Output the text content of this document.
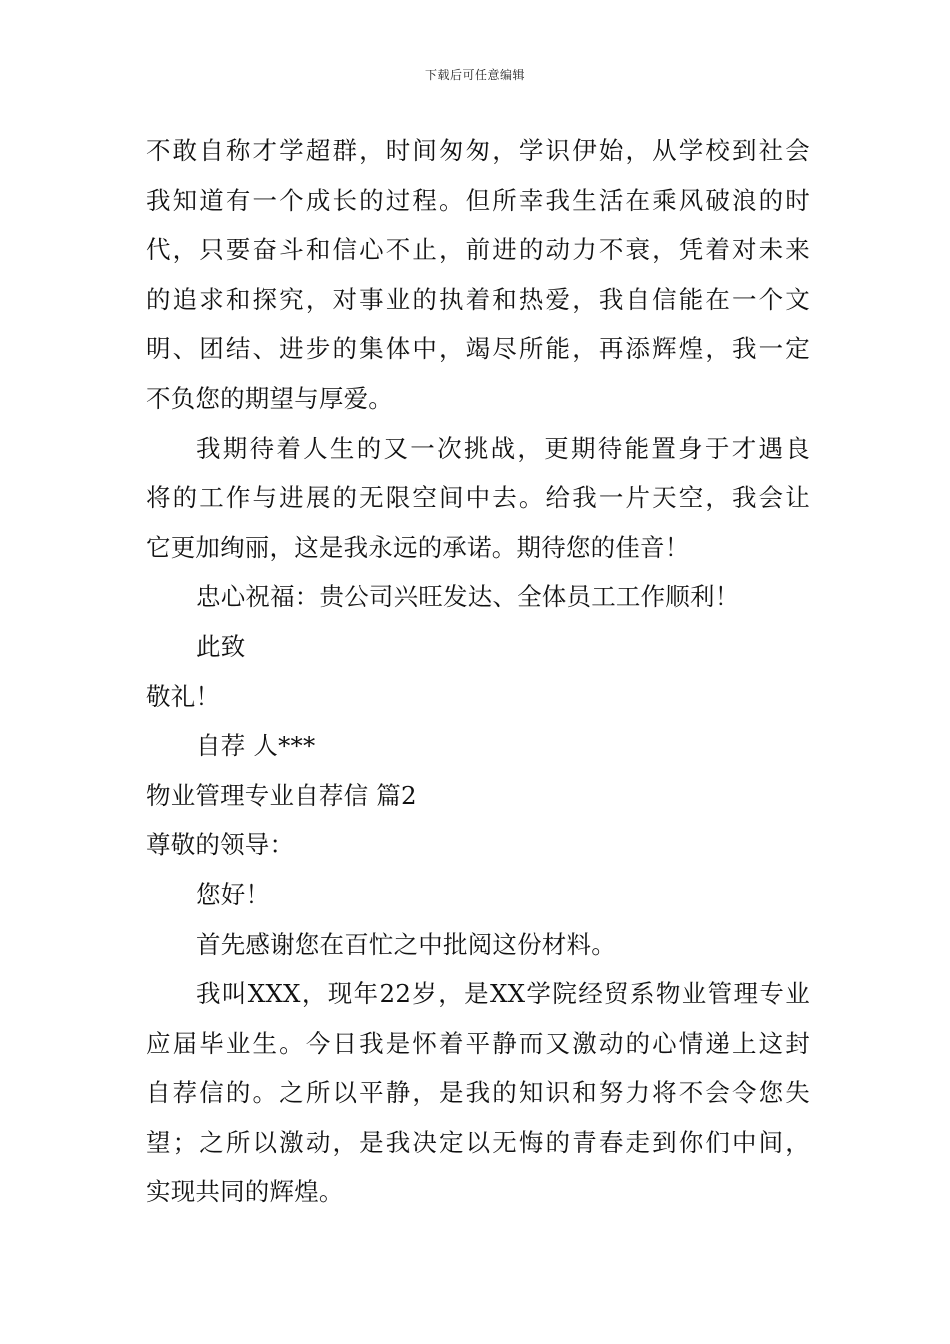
下载后可任意编辑
不敢自称才学超群，时间匆匆，学识伊始，从学校到社会
我知道有一个成长的过程。但所幸我生活在乘风破浪的时
代，只要奋斗和信心不止，前进的动力不衰，凭着对未来
的追求和探究，对事业的执着和热爱，我自信能在一个文
明、团结、进步的集体中，竭尽所能，再添辉煌，我一定
不负您的期望与厚爱。
我期待着人生的又一次挑战，更期待能置身于才遇良
将的工作与进展的无限空间中去。给我一片天空，我会让
它更加绚丽，这是我永远的承诺。期待您的佳音！
忠心祝福：贵公司兴旺发达、全体员工工作顺利！
此致
敬礼！
自荐 人***
物业管理专业自荐信 篇2
尊敬的领导：
您好！
首先感谢您在百忙之中批阅这份材料。
我叫XXX，现年22岁，是XX学院经贸系物业管理专业
应届毕业生。今日我是怀着平静而又激动的心情递上这封
自荐信的。之所以平静，是我的知识和努力将不会令您失
望；之所以激动，是我决定以无悔的青春走到你们中间，
实现共同的辉煌。
